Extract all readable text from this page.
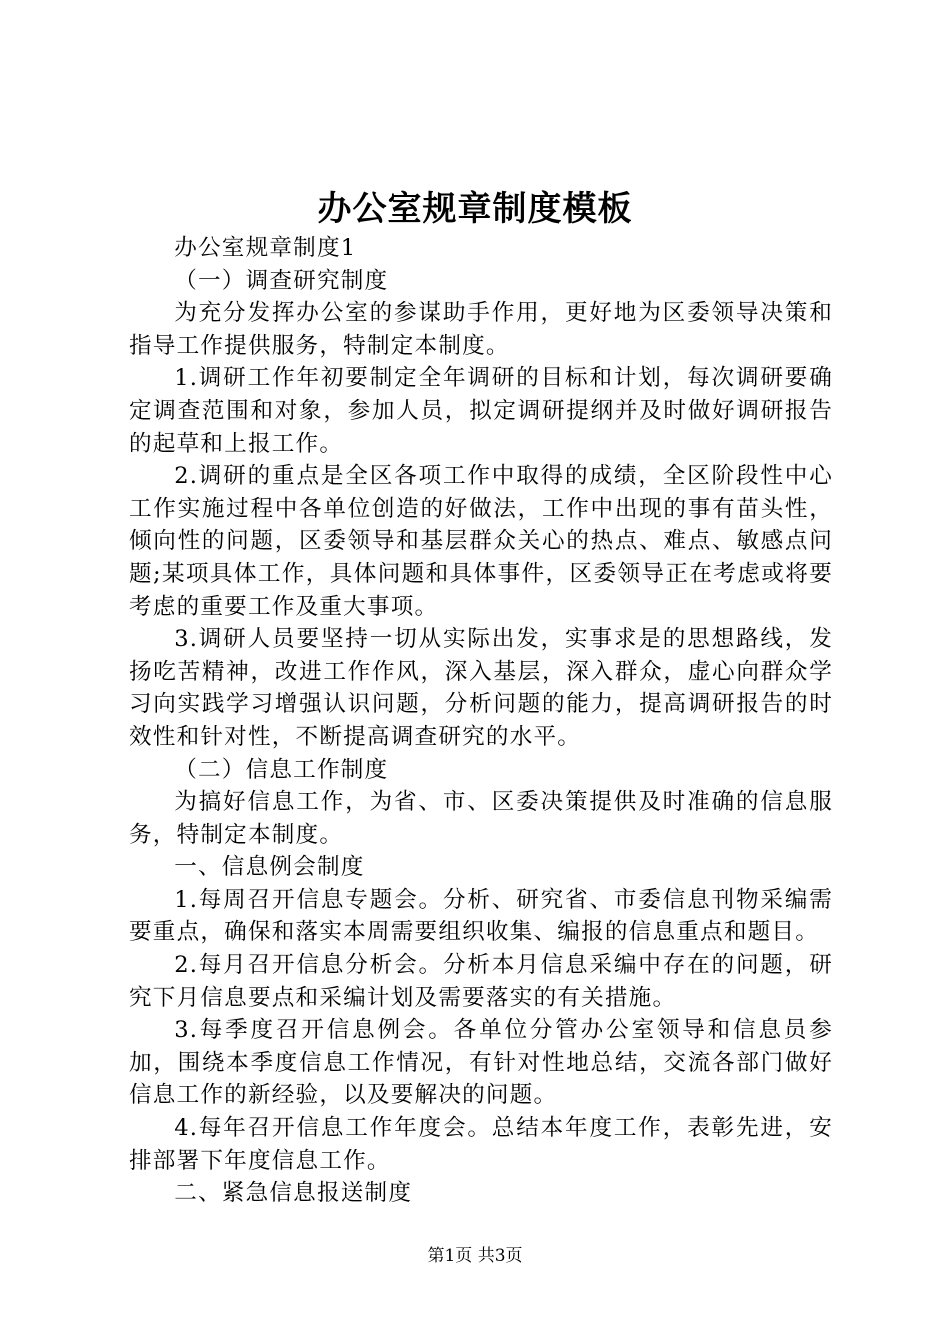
办公室规章制度模板

办公室规章制度1

（一）调查研究制度

为充分发挥办公室的参谋助手作用，更好地为区委领导决策和指导工作提供服务，特制定本制度。

1.调研工作年初要制定全年调研的目标和计划，每次调研要确定调查范围和对象，参加人员，拟定调研提纲并及时做好调研报告的起草和上报工作。

2.调研的重点是全区各项工作中取得的成绩，全区阶段性中心工作实施过程中各单位创造的好做法，工作中出现的事有苗头性，倾向性的问题，区委领导和基层群众关心的热点、难点、敏感点问题;某项具体工作，具体问题和具体事件，区委领导正在考虑或将要考虑的重要工作及重大事项。

3.调研人员要坚持一切从实际出发，实事求是的思想路线，发扬吃苦精神，改进工作作风，深入基层，深入群众，虚心向群众学习向实践学习增强认识问题，分析问题的能力，提高调研报告的时效性和针对性，不断提高调查研究的水平。

（二）信息工作制度

为搞好信息工作，为省、市、区委决策提供及时准确的信息服务，特制定本制度。

一、信息例会制度

1.每周召开信息专题会。分析、研究省、市委信息刊物采编需要重点，确保和落实本周需要组织收集、编报的信息重点和题目。

2.每月召开信息分析会。分析本月信息采编中存在的问题，研究下月信息要点和采编计划及需要落实的有关措施。

3.每季度召开信息例会。各单位分管办公室领导和信息员参加，围绕本季度信息工作情况，有针对性地总结，交流各部门做好信息工作的新经验，以及要解决的问题。

4.每年召开信息工作年度会。总结本年度工作，表彰先进，安排部署下年度信息工作。

二、紧急信息报送制度

第1页 共3页
